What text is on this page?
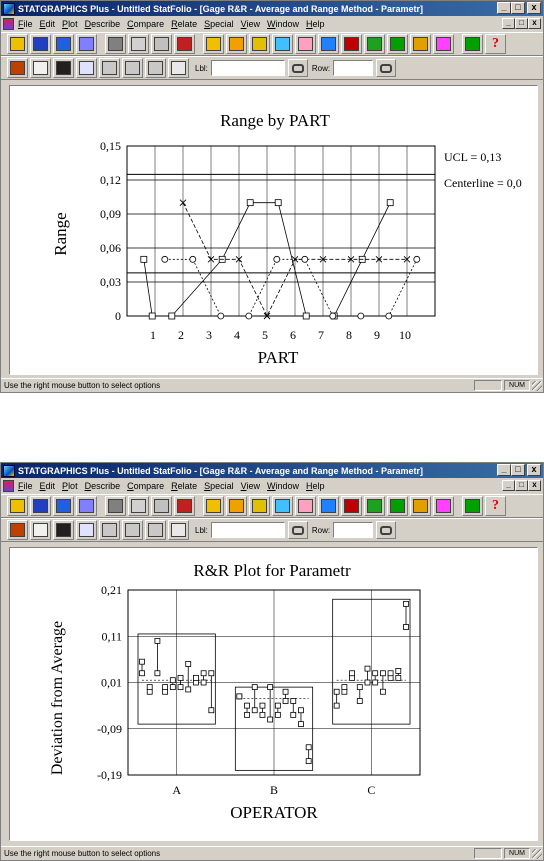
STATGRAPHICS Plus - Untitled StatFolio - [Gage R&R - Average and Range Method - Parametr]	_ □	x
File Edit Plot Describe Compare Relate Special View Window Help	_	□	x
?
Lbl:	Row:
Range by PART
0
0,03
0,06
0,09
0,12
0,15
1 2 3 4 5 6 7 8 9 10
Range
PART
UCL = 0,13
Centerline = 0,0
Use the right mouse button to select options	NUM
STATGRAPHICS Plus - Untitled StatFolio - [Gage R&R - Average and Range Method - Parametr]	_ □	x
File Edit Plot Describe Compare Relate Special View Window Help	_	□	x
?
Lbl:	Row:
R&R Plot for Parametr
0,21
0,11
0,01
-0,09
-0,19
A	B	C
Deviation from Average
OPERATOR
Use the right mouse button to select options	NUM
